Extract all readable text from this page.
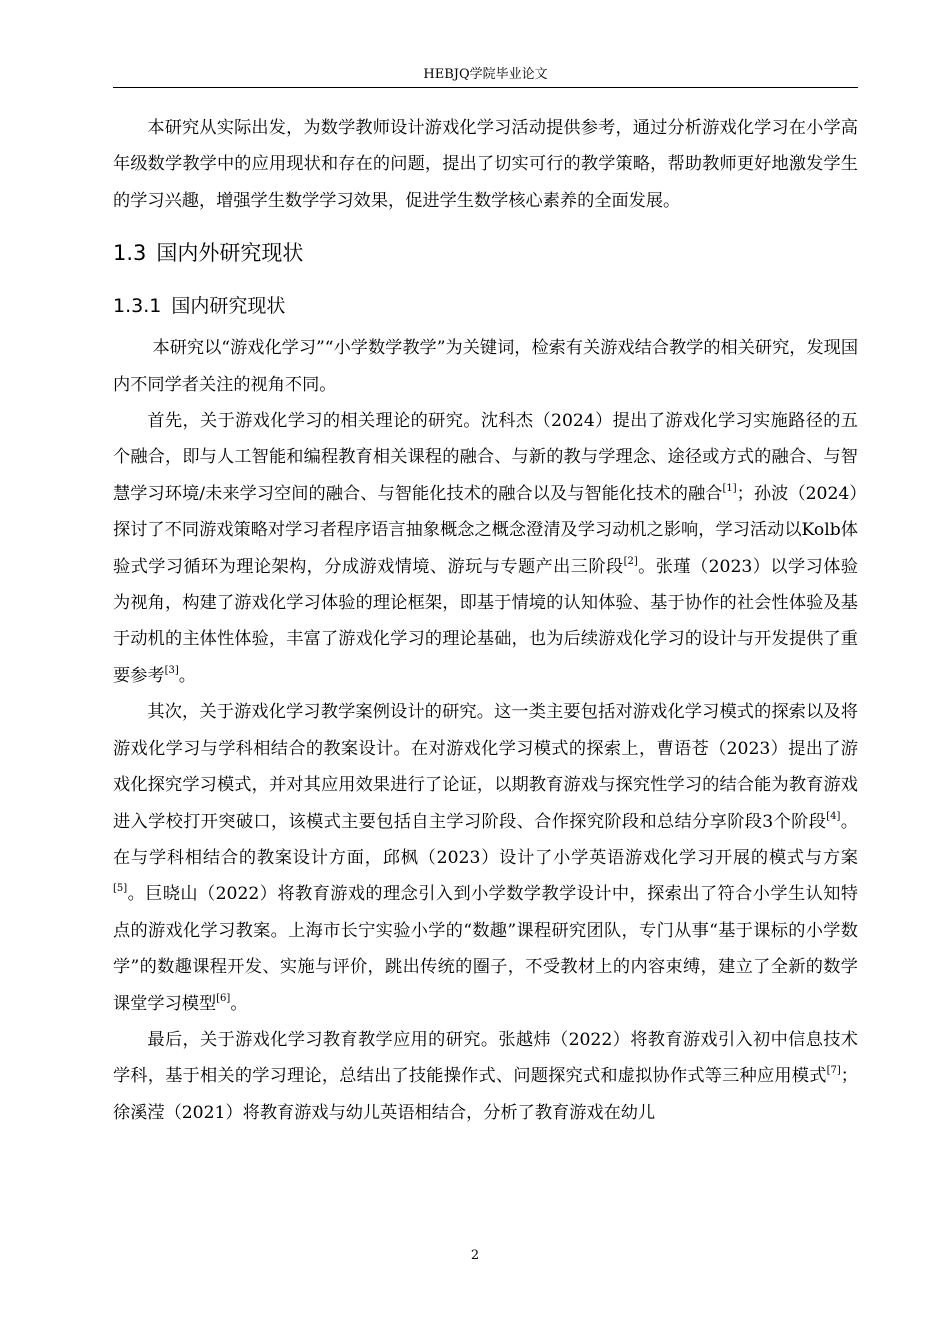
HEBJQ学院毕业论文

本研究从实际出发，为数学教师设计游戏化学习活动提供参考，通过分析游戏化学习在小学高年级数学教学中的应用现状和存在的问题，提出了切实可行的教学策略，帮助教师更好地激发学生的学习兴趣，增强学生数学学习效果，促进学生数学核心素养的全面发展。

1.3 国内外研究现状
1.3.1 国内研究现状

本研究以“游戏化学习”“小学数学教学”为关键词，检索有关游戏结合教学的相关研究，发现国内不同学者关注的视角不同。

首先，关于游戏化学习的相关理论的研究。沈科杰（2024）提出了游戏化学习实施路径的五个融合，即与人工智能和编程教育相关课程的融合、与新的教与学理念、途径或方式的融合、与智慧学习环境/未来学习空间的融合、与智能化技术的融合以及与智能化技术的融合[1]；孙波（2024）探讨了不同游戏策略对学习者程序语言抽象概念之概念澄清及学习动机之影响，学习活动以Kolb体验式学习循环为理论架构，分成游戏情境、游玩与专题产出三阶段[2]。张瑾（2023）以学习体验为视角，构建了游戏化学习体验的理论框架，即基于情境的认知体验、基于协作的社会性体验及基于动机的主体性体验，丰富了游戏化学习的理论基础，也为后续游戏化学习的设计与开发提供了重要参考[3]。

其次，关于游戏化学习教学案例设计的研究。这一类主要包括对游戏化学习模式的探索以及将游戏化学习与学科相结合的教案设计。在对游戏化学习模式的探索上，曹语苍（2023）提出了游戏化探究学习模式，并对其应用效果进行了论证，以期教育游戏与探究性学习的结合能为教育游戏进入学校打开突破口，该模式主要包括自主学习阶段、合作探究阶段和总结分享阶段3个阶段[4]。在与学科相结合的教案设计方面，邱枫（2023）设计了小学英语游戏化学习开展的模式与方案[5]。巨晓山（2022）将教育游戏的理念引入到小学数学教学设计中，探索出了符合小学生认知特点的游戏化学习教案。上海市长宁实验小学的“数趣”课程研究团队，专门从事“基于课标的小学数学”的数趣课程开发、实施与评价，跳出传统的圈子，不受教材上的内容束缚，建立了全新的数学课堂学习模型[6]。

最后，关于游戏化学习教育教学应用的研究。张越炜（2022）将教育游戏引入初中信息技术学科，基于相关的学习理论，总结出了技能操作式、问题探究式和虚拟协作式等三种应用模式[7]；徐溪滢（2021）将教育游戏与幼儿英语相结合，分析了教育游戏在幼儿

2
